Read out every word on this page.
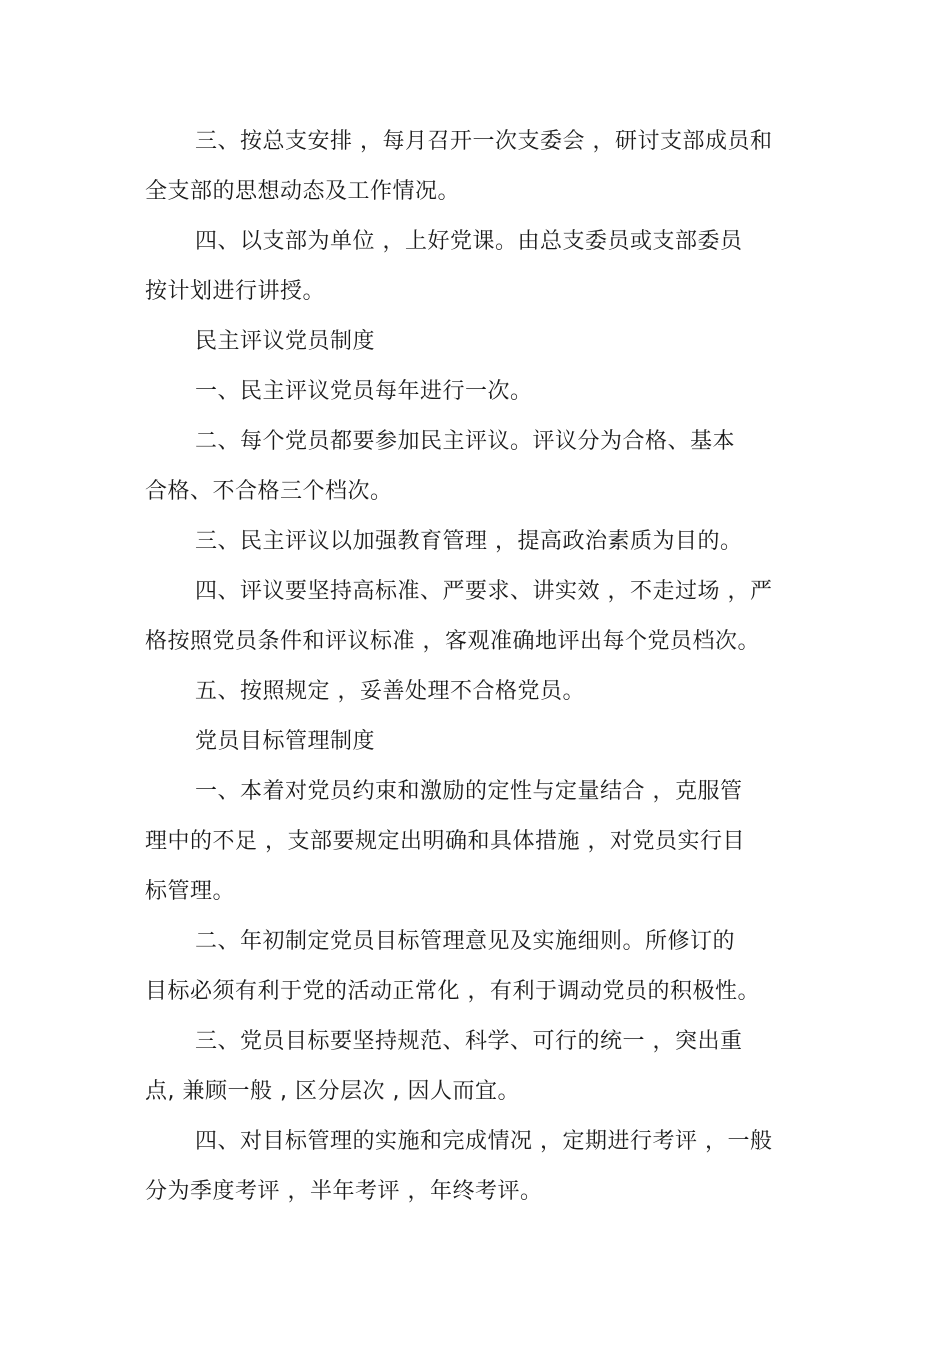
三、按总支安排 ，每月召开一次支委会 ，研讨支部成员和
全支部的思想动态及工作情况。
四、以支部为单位 ，上好党课。由总支委员或支部委员
按计划进行讲授。
民主评议党员制度
一、民主评议党员每年进行一次。
二、每个党员都要参加民主评议。评议分为合格、基本
合格、不合格三个档次。
三、民主评议以加强教育管理 ，提高政治素质为目的。
四、评议要坚持高标准、严要求、讲实效 ，不走过场 ，严
格按照党员条件和评议标准 ，客观准确地评出每个党员档次。
五、按照规定 ，妥善处理不合格党员。
党员目标管理制度
一、本着对党员约束和激励的定性与定量结合 ，克服管
理中的不足 ，支部要规定出明确和具体措施 ，对党员实行目
标管理。
二、年初制定党员目标管理意见及实施细则。所修订的
目标必须有利于党的活动正常化 ，有利于调动党员的积极性。
三、党员目标要坚持规范、科学、可行的统一 ，突出重
点, 兼顾一般 , 区分层次 , 因人而宜。
四、对目标管理的实施和完成情况 ，定期进行考评 ，一般
分为季度考评 ，半年考评 ，年终考评。
